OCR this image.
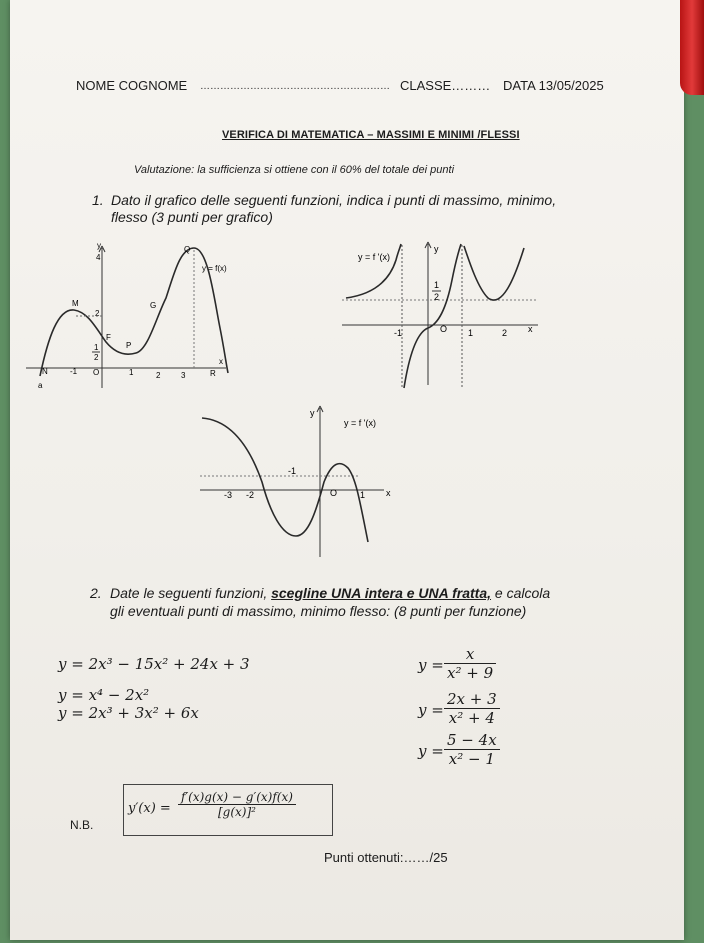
NOME COGNOME ………………………………………………… CLASSE……… DATA 13/05/2025
VERIFICA DI MATEMATICA – MASSIMI E MINIMI /FLESSI
Valutazione: la sufficienza si ottiene con il 60% del totale dei punti
1. Dato il grafico delle seguenti funzioni, indica i punti di massimo, minimo,
flesso (3 punti per grafico)
y = f(x)
Q
M	G
F
P
N	R
-1 O	1	2	3
4
2
1
2	x
y
a
y = f '(x)
y
1
2
-1	O 1	2 x
y
y = f '(x)
-3 -2
-1
O	1 x
2. Date le seguenti funzioni, scegline UNA intera e UNA fratta, e calcola
gli eventuali punti di massimo, minimo flesso: (8 punti per funzione)
y = 2x³ − 15x² + 24x + 3
y = x⁴ − 2x²
y = 2x³ + 3x² + 6x
$y = \frac{x}{\text{x² + 9}}$
$y = \frac{2x + 3}{\text{x² + 4}}$
$y = \frac{5 - 4x}{\text{x² − 1}}$
N.B.
$y'(x) = \frac{f'(x)g(x) - g'(x)f(x)}{\text{[g(x)]²}}$
Punti ottenuti:……/25
